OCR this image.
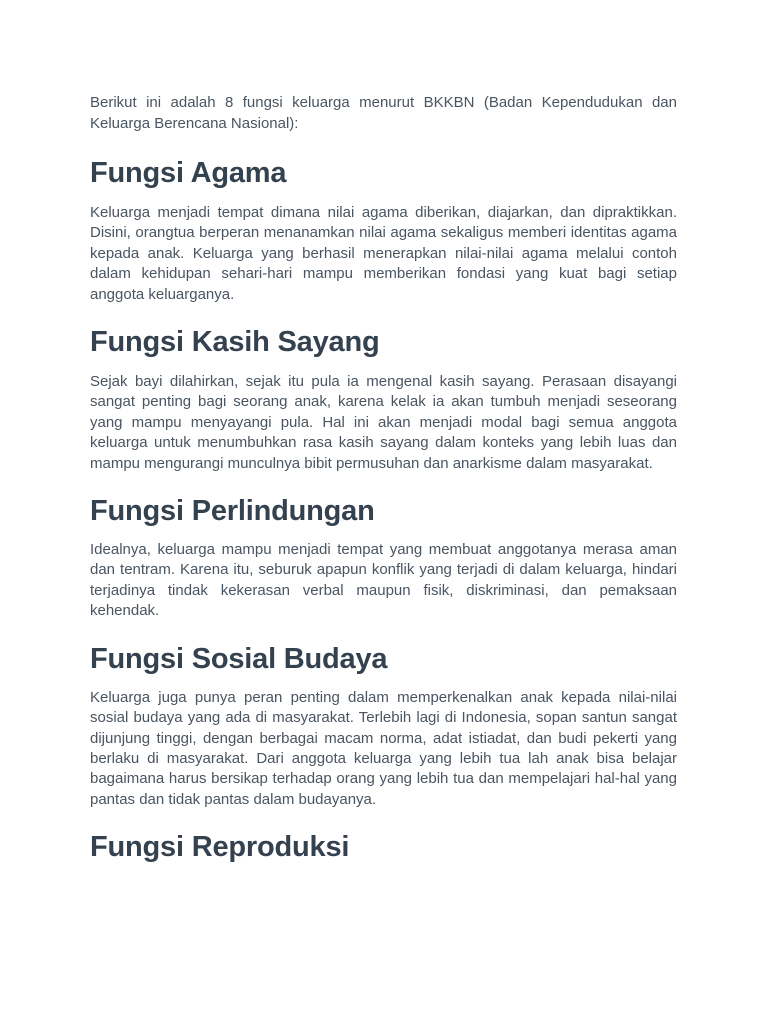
Berikut ini adalah 8 fungsi keluarga menurut BKKBN (Badan Kependudukan dan Keluarga Berencana Nasional):

Fungsi Agama

Keluarga menjadi tempat dimana nilai agama diberikan, diajarkan, dan dipraktikkan. Disini, orangtua berperan menanamkan nilai agama sekaligus memberi identitas agama kepada anak. Keluarga yang berhasil menerapkan nilai-nilai agama melalui contoh dalam kehidupan sehari-hari mampu memberikan fondasi yang kuat bagi setiap anggota keluarganya.

Fungsi Kasih Sayang

Sejak bayi dilahirkan, sejak itu pula ia mengenal kasih sayang. Perasaan disayangi sangat penting bagi seorang anak, karena kelak ia akan tumbuh menjadi seseorang yang mampu menyayangi pula. Hal ini akan menjadi modal bagi semua anggota keluarga untuk menumbuhkan rasa kasih sayang dalam konteks yang lebih luas dan mampu mengurangi munculnya bibit permusuhan dan anarkisme dalam masyarakat.

Fungsi Perlindungan

Idealnya, keluarga mampu menjadi tempat yang membuat anggotanya merasa aman dan tentram. Karena itu, seburuk apapun konflik yang terjadi di dalam keluarga, hindari terjadinya tindak kekerasan verbal maupun fisik, diskriminasi, dan pemaksaan kehendak.

Fungsi Sosial Budaya

Keluarga juga punya peran penting dalam memperkenalkan anak kepada nilai-nilai sosial budaya yang ada di masyarakat. Terlebih lagi di Indonesia, sopan santun sangat dijunjung tinggi, dengan berbagai macam norma, adat istiadat, dan budi pekerti yang berlaku di masyarakat. Dari anggota keluarga yang lebih tua lah anak bisa belajar bagaimana harus bersikap terhadap orang yang lebih tua dan mempelajari hal-hal yang pantas dan tidak pantas dalam budayanya.

Fungsi Reproduksi
